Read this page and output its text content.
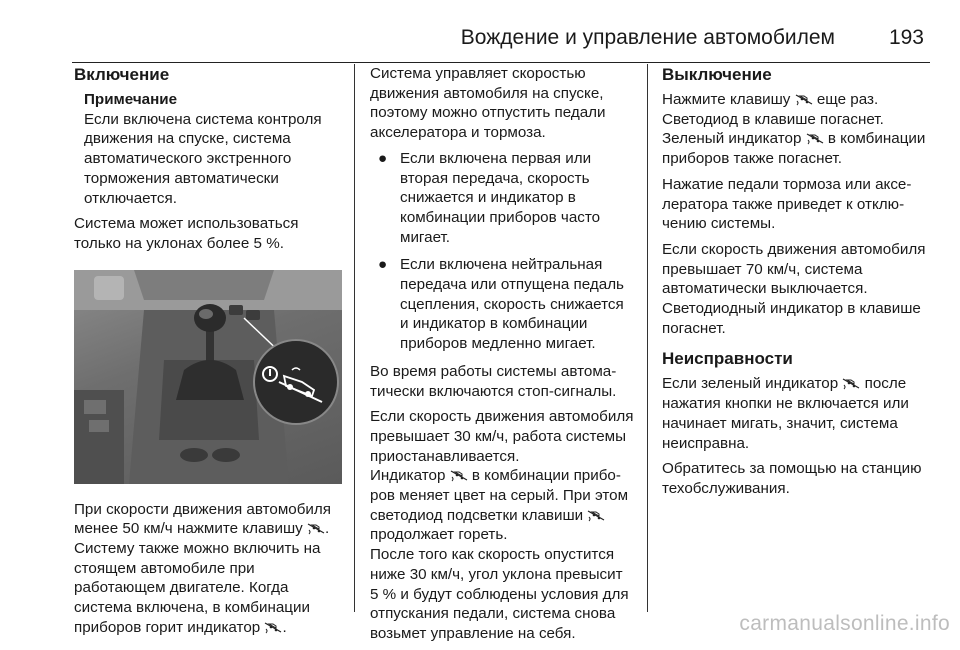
Вождение и управление автомобилем	193
Включение
Примечание

Если включена система контроля движения на спуске, система автоматического экстренного торможения автоматически отключается.

Система может использоваться только на уклонах более 5 %.

При скорости движения автомобиля менее 50 км/ч нажмите клавишу . Систему также можно включить на стоящем автомобиле при работающем двигателе. Когда система включена, в комбинации приборов горит индикатор .

Система управляет скоростью движения автомобиля на спуске, поэтому можно отпустить педали акселератора и тормоза.

● Если включена первая или вторая передача, скорость снижается и индикатор в комбинации приборов часто мигает.
● Если включена нейтральная передача или отпущена педаль сцепления, скорость снижается и индикатор в комбинации приборов медленно мигает.

Во время работы системы автоматически включаются стоп-сигналы.

Если скорость движения автомобиля превышает 30 км/ч, работа системы приостанавливается.

Индикатор  в комбинации приборов меняет цвет на серый. При этом светодиод подсветки клавиши  продолжает гореть.

После того как скорость опустится ниже 30 км/ч, угол уклона превысит 5 % и будут соблюдены условия для отпускания педали, система снова возьмет управление на себя.

Выключение

Нажмите клавишу  еще раз.

Светодиод в клавише погаснет. Зеленый индикатор  в комбинации приборов также погаснет.

Нажатие педали тормоза или акселератора также приведет к отключению системы.

Если скорость движения автомобиля превышает 70 км/ч, система автоматически выключается. Светодиодный индикатор в клавише погаснет.

Неисправности

Если зеленый индикатор  после нажатия кнопки не включается или начинает мигать, значит, система неисправна.

Обратитесь за помощью на станцию техобслуживания.

carmanualsonline.info
